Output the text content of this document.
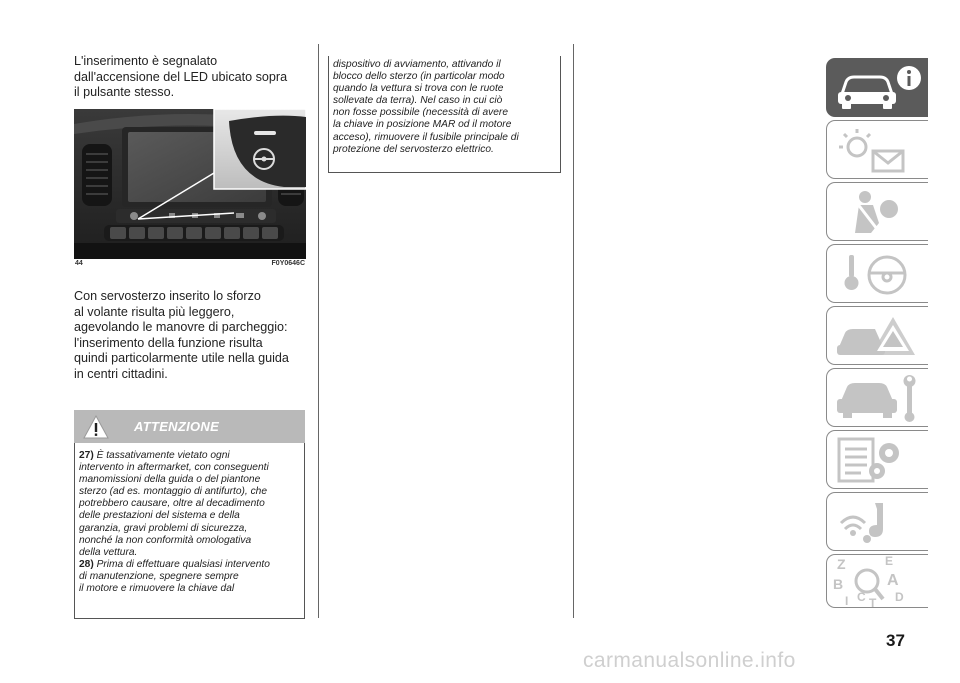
L'inserimento è segnalato

dall'accensione del LED ubicato sopra

il pulsante stesso.

44	F0Y0646C

Con servosterzo inserito lo sforzo

al volante risulta più leggero,

agevolando le manovre di parcheggio:

l'inserimento della funzione risulta

quindi particolarmente utile nella guida

in centri cittadini.

ATTENZIONE
27) È tassativamente vietato ogni
intervento in aftermarket, con conseguenti
manomissioni della guida o del piantone
sterzo (ad es. montaggio di antifurto), che
potrebbero causare, oltre al decadimento
delle prestazioni del sistema e della
garanzia, gravi problemi di sicurezza,
nonché la non conformità omologativa
della vettura.
28) Prima di effettuare qualsiasi intervento
di manutenzione, spegnere sempre
il motore e rimuovere la chiave dal
dispositivo di avviamento, attivando il
blocco dello sterzo (in particolar modo
quando la vettura si trova con le ruote
sollevate da terra). Nel caso in cui ciò
non fosse possibile (necessità di avere
la chiave in posizione MAR od il motore
acceso), rimuovere il fusibile principale di
protezione del servosterzo elettrico.
Z	E
B	A
C T D
I
37
carmanualsonline.info
